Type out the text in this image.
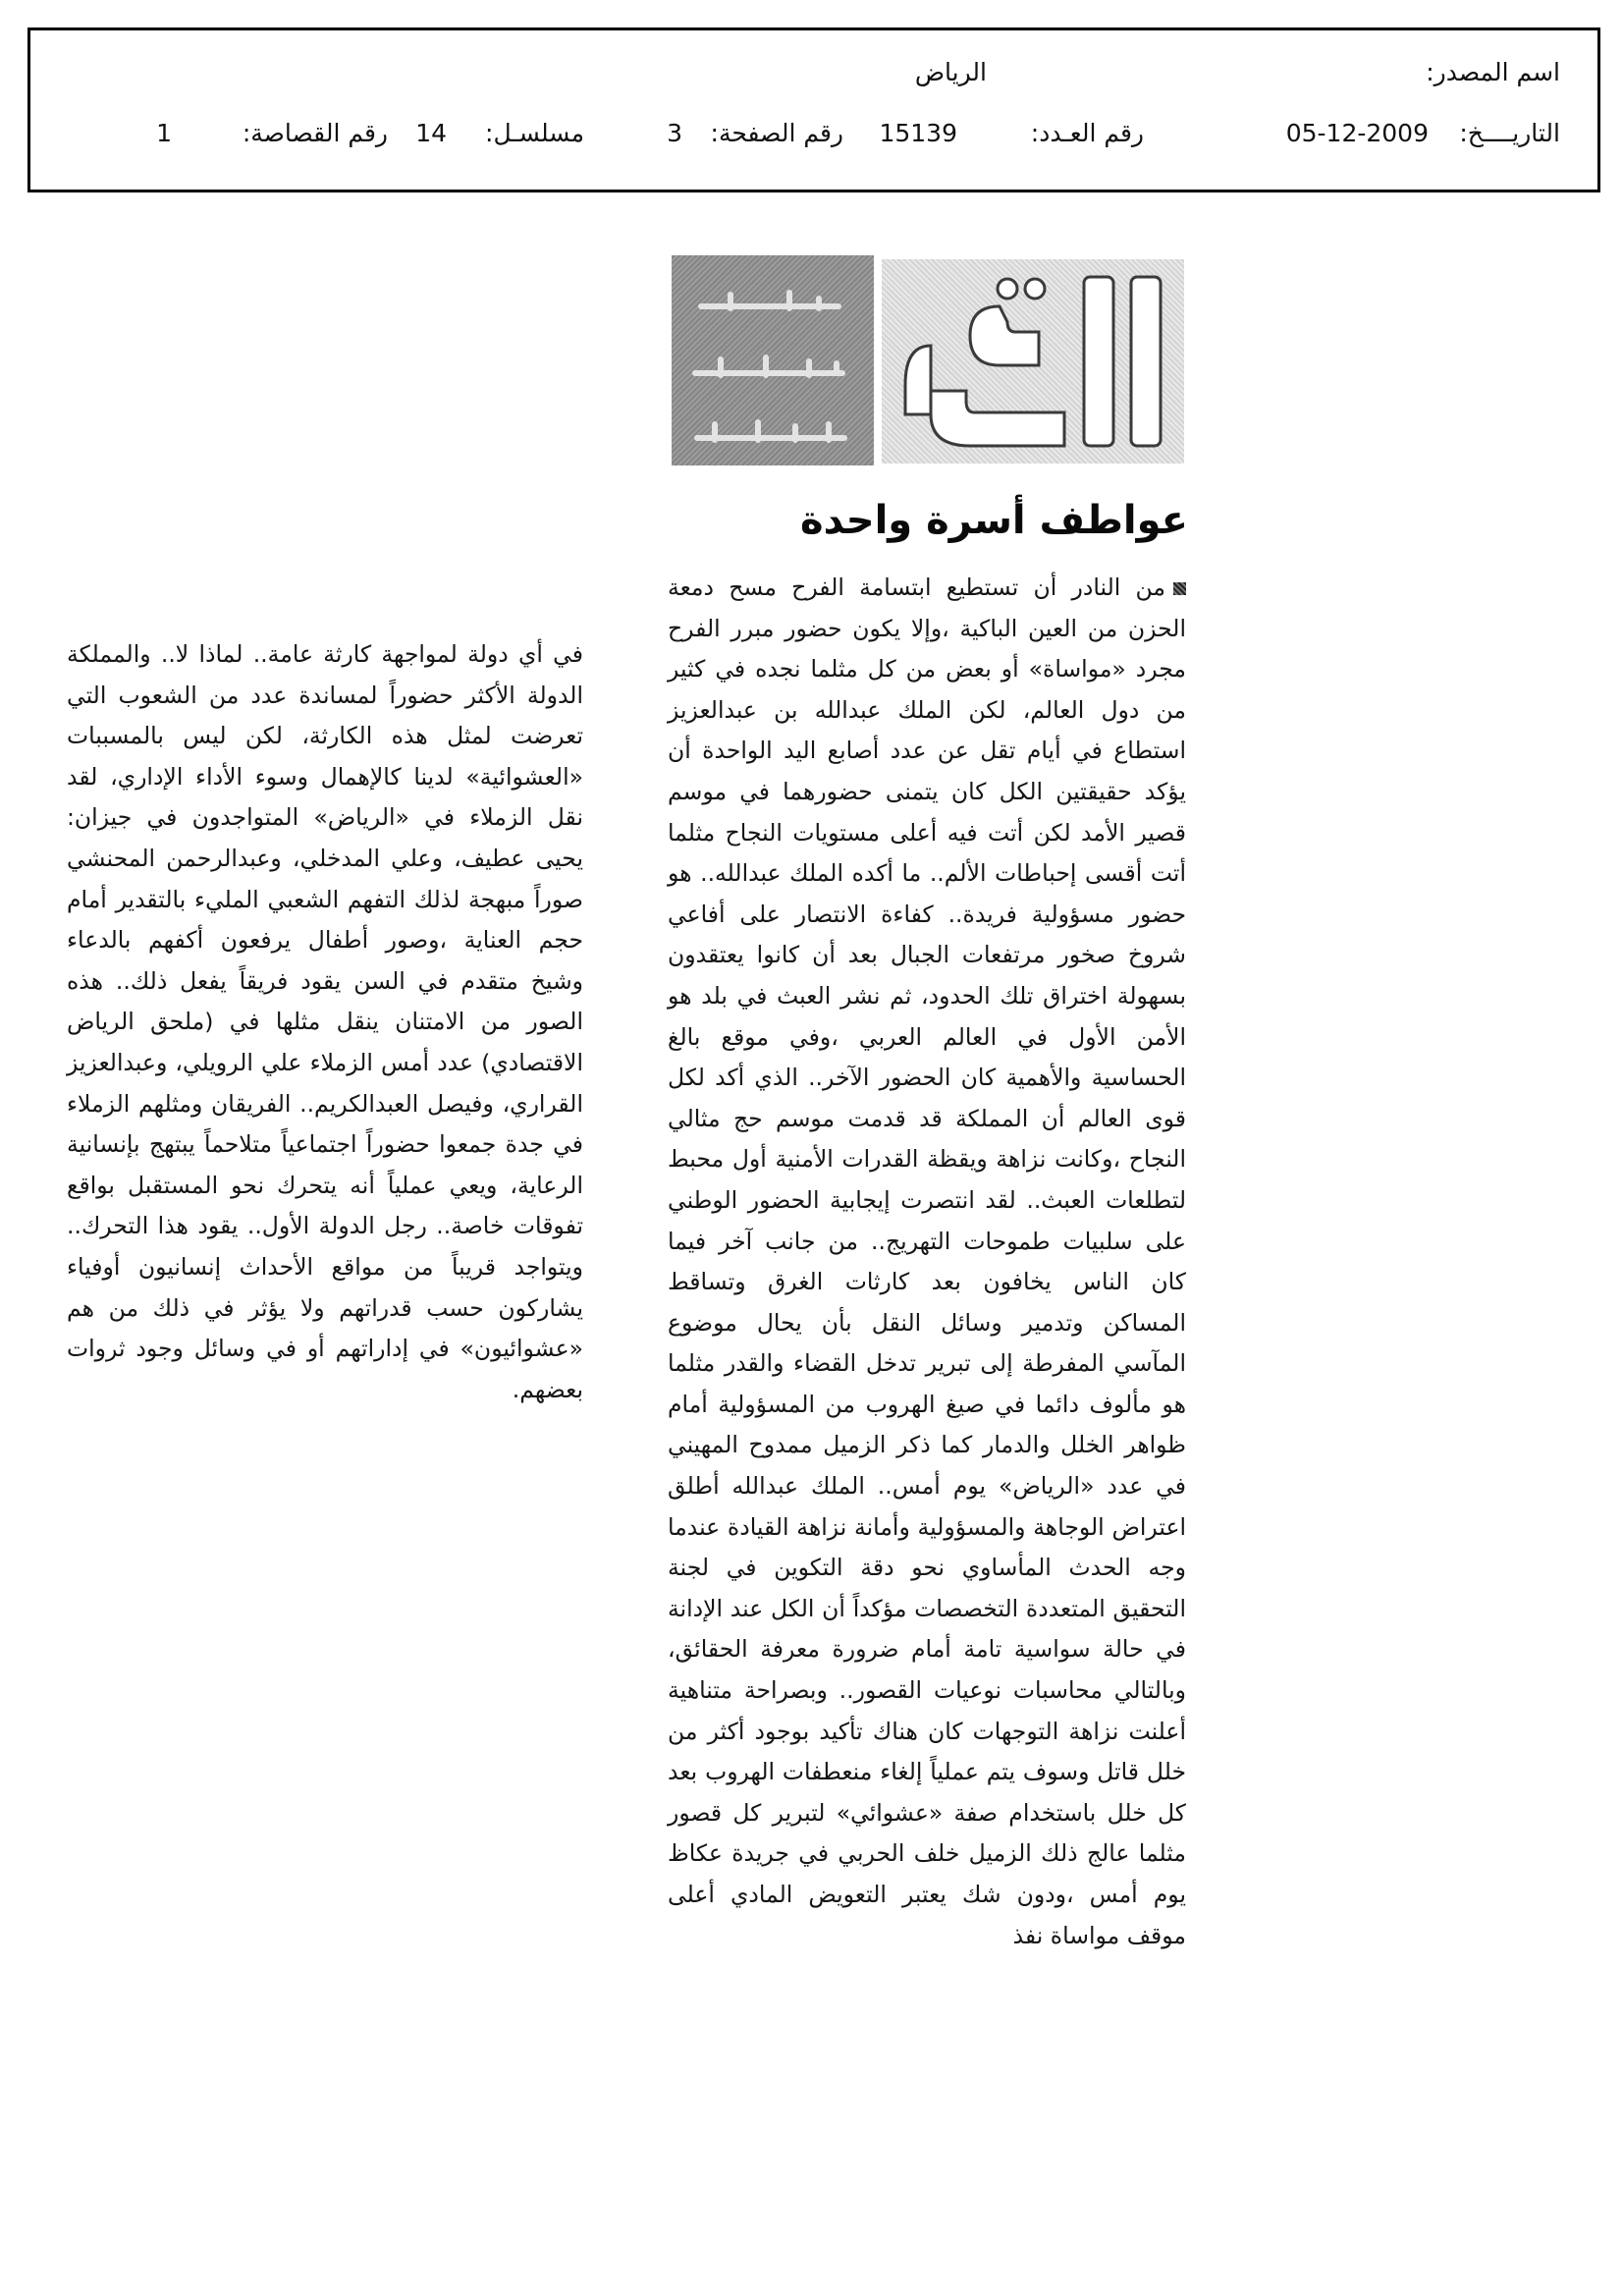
اسم المصدر:
الرياض
التاريــــخ:
05-12-2009
رقم العـدد:
15139
رقم الصفحة:
3
مسلسـل:
14
رقم القصاصة:
1
عواطف أسرة واحدة
من النادر أن تستطيع ابتسامة الفرح مسح دمعة الحزن من العين الباكية ،وإلا يكون حضور مبرر الفرح مجرد «مواساة» أو بعض من كل مثلما نجده في كثير من دول العالم، لكن الملك عبدالله بن عبدالعزيز استطاع في أيام تقل عن عدد أصابع اليد الواحدة أن يؤكد حقيقتين الكل كان يتمنى حضورهما في موسم قصير الأمد لكن أتت فيه أعلى مستويات النجاح مثلما أتت أقسى إحباطات الألم.. ما أكده الملك عبدالله.. هو حضور مسؤولية فريدة.. كفاءة الانتصار على أفاعي شروخ صخور مرتفعات الجبال بعد أن كانوا يعتقدون بسهولة اختراق تلك الحدود، ثم نشر العبث في بلد هو الأمن الأول في العالم العربي ،وفي موقع بالغ الحساسية والأهمية كان الحضور الآخر.. الذي أكد لكل قوى العالم أن المملكة قد قدمت موسم حج مثالي النجاح ،وكانت نزاهة ويقظة القدرات الأمنية أول محبط لتطلعات العبث.. لقد انتصرت إيجابية الحضور الوطني على سلبيات طموحات التهريج.. من جانب آخر فيما كان الناس يخافون بعد كارثات الغرق وتساقط المساكن وتدمير وسائل النقل بأن يحال موضوع المآسي المفرطة إلى تبرير تدخل القضاء والقدر مثلما هو مألوف دائما في صيغ الهروب من المسؤولية أمام ظواهر الخلل والدمار كما ذكر الزميل ممدوح المهيني في عدد «الرياض» يوم أمس.. الملك عبدالله أطلق اعتراض الوجاهة والمسؤولية وأمانة نزاهة القيادة عندما وجه الحدث المأساوي نحو دقة التكوين في لجنة التحقيق المتعددة التخصصات مؤكداً أن الكل عند الإدانة في حالة سواسية تامة أمام ضرورة معرفة الحقائق، وبالتالي محاسبات نوعيات القصور.. وبصراحة متناهية أعلنت نزاهة التوجهات كان هناك تأكيد بوجود أكثر من خلل قاتل وسوف يتم عملياً إلغاء منعطفات الهروب بعد كل خلل باستخدام صفة «عشوائي» لتبرير كل قصور مثلما عالج ذلك الزميل خلف الحربي في جريدة عكاظ يوم أمس ،ودون شك يعتبر التعويض المادي أعلى موقف مواساة نفذ
في أي دولة لمواجهة كارثة عامة.. لماذا لا.. والمملكة الدولة الأكثر حضوراً لمساندة عدد من الشعوب التي تعرضت لمثل هذه الكارثة، لكن ليس بالمسببات «العشوائية» لدينا كالإهمال وسوء الأداء الإداري، لقد نقل الزملاء في «الرياض» المتواجدون في جيزان: يحيى عطيف، وعلي المدخلي، وعبدالرحمن المحنشي صوراً مبهجة لذلك التفهم الشعبي المليء بالتقدير أمام حجم العناية ،وصور أطفال يرفعون أكفهم بالدعاء وشيخ متقدم في السن يقود فريقاً يفعل ذلك.. هذه الصور من الامتنان ينقل مثلها في (ملحق الرياض الاقتصادي) عدد أمس الزملاء علي الرويلي، وعبدالعزيز القراري، وفيصل العبدالكريم.. الفريقان ومثلهم الزملاء في جدة جمعوا حضوراً اجتماعياً متلاحماً يبتهج بإنسانية الرعاية، ويعي عملياً أنه يتحرك نحو المستقبل بواقع تفوقات خاصة.. رجل الدولة الأول.. يقود هذا التحرك.. ويتواجد قريباً من مواقع الأحداث إنسانيون أوفياء يشاركون حسب قدراتهم ولا يؤثر في ذلك من هم «عشوائيون» في إداراتهم أو في وسائل وجود ثروات بعضهم.
